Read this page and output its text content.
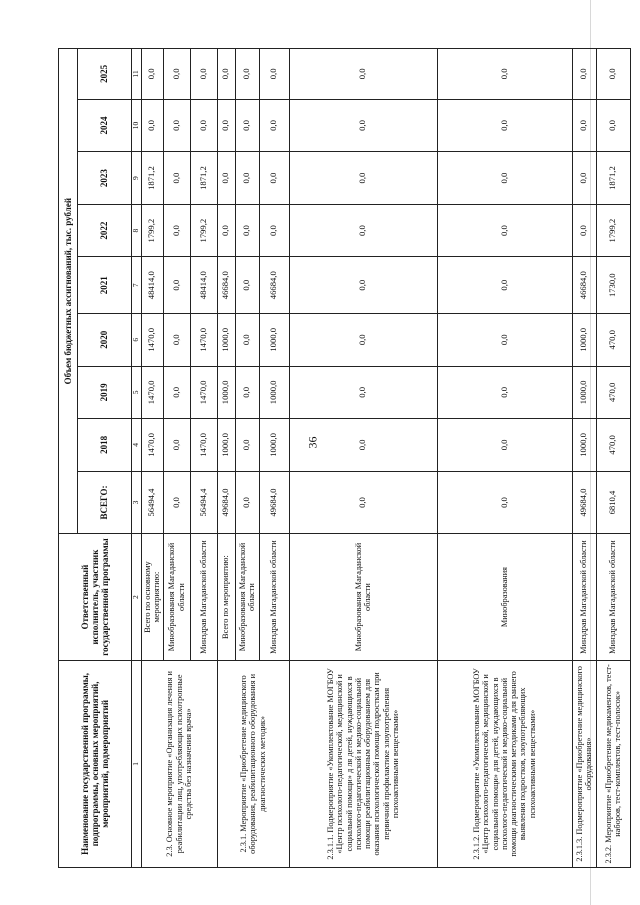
36
Наименование государственной программы, подпрограммы, основных мероприятий, мероприятий, подмероприятий	Ответственный исполнитель, участник государственной программы	Объем бюджетных ассигнований, тыс. рублей								
		ВСЕГО:	2018	2019	2020	2021	2022	2023	2024	2025
1	2	3	4	5	6	7	8	9	10	11
2.3. Основное мероприятие «Организация лечения и реабилитации лиц, употребляющих психотропные средства без назначения врача»	Всего по основному мероприятию:	56494,4	1470,0	1470,0	1470,0	48414,0	1799,2	1871,2	0,0	0,0
	Минобразования Магаданской области	0,0	0,0	0,0	0,0	0,0	0,0	0,0	0,0	0,0
	Минздрав Магаданской области	56494,4	1470,0	1470,0	1470,0	48414,0	1799,2	1871,2	0,0	0,0
2.3.1. Мероприятие «Приобретение медицинского оборудования, реабилитационного оборудования и диагностических методик»	Всего по мероприятию:	49684,0	1000,0	1000,0	1000,0	46684,0	0,0	0,0	0,0	0,0
	Минобразования Магаданской области	0,0	0,0	0,0	0,0	0,0	0,0	0,0	0,0	0,0
	Минздрав Магаданской области	49684,0	1000,0	1000,0	1000,0	46684,0	0,0	0,0	0,0	0,0
2.3.1.1. Подмероприятие «Укомплектование МОГБОУ «Центр психолого-педагогической, медицинской и социальной помощи» д ля детей, нуждающихся в психолого-педагогической и медико-социальной помощи реабилитационным оборудованием для оказания психологической помощи подросткам при первичной профилактике злоупотребления психоактивными веществами»	Минобразования Магаданской области	0,0	0,0	0,0	0,0	0,0	0,0	0,0	0,0	0,0
2.3.1.2. Подмероприятие «Укомплектование МОГБОУ «Центр психолого-педагогической, медицинской и социальной помощи» для детей, нуждающихся в психолого-педагогической и медико-социальной помощи диагностическими методиками для раннего выявления подростков, злоупотребляющих психоактивными веществами»	Минобразования	0,0	0,0	0,0	0,0	0,0	0,0	0,0	0,0	0,0
2.3.1.3. Подмероприятие «Приобретение медицинского оборудования»	Минздрав Магаданской области	49684,0	1000,0	1000,0	1000,0	46684,0	0,0	0,0	0,0	0,0
2.3.2. Мероприятие «Приобретение медикаментов, тест-наборов, тест-комплектов, тест-полосок»	Минздрав Магаданской области	6810,4	470,0	470,0	470,0	1730,0	1799,2	1871,2	0,0	0,0
